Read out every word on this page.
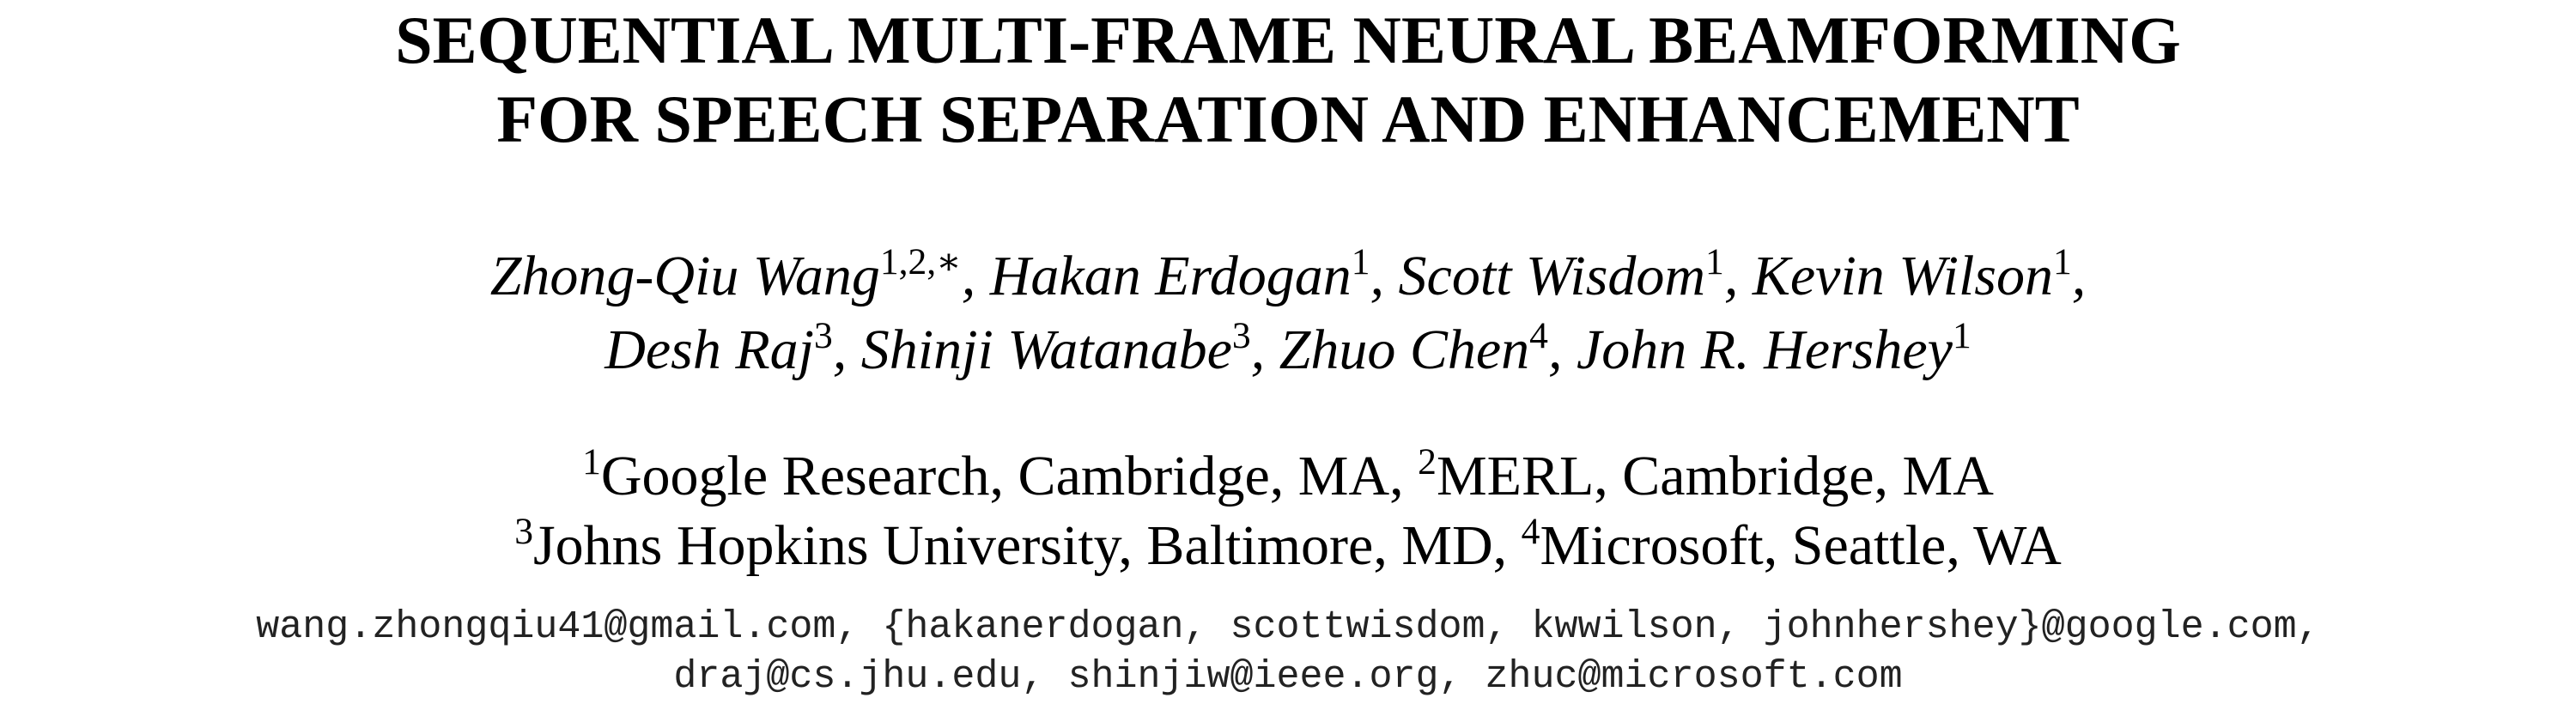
SEQUENTIAL MULTI-FRAME NEURAL BEAMFORMING
FOR SPEECH SEPARATION AND ENHANCEMENT
Zhong-Qiu Wang$^{1,2,∗}$, Hakan Erdogan$^1$, Scott Wisdom$^1$, Kevin Wilson$^1$,
Desh Raj$^3$, Shinji Watanabe$^3$, Zhuo Chen$^4$, John R. Hershey$^1$
$^1$Google Research, Cambridge, MA, $^2$MERL, Cambridge, MA
$^3$Johns Hopkins University, Baltimore, MD, $^4$Microsoft, Seattle, WA
wang.zhongqiu41@gmail.com, {hakanerdogan, scottwisdom, kwwilson, johnhershey}@google.com,
draj@cs.jhu.edu, shinjiw@ieee.org, zhuc@microsoft.com
